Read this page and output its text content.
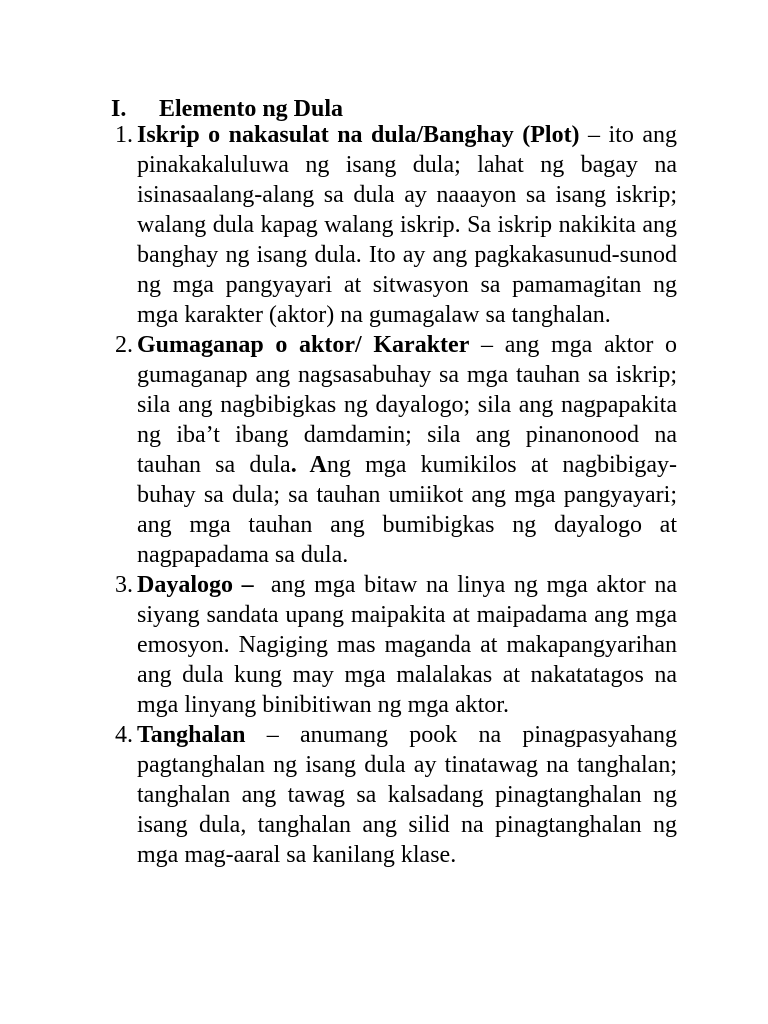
I. Elemento ng Dula
1. Iskrip o nakasulat na dula/Banghay (Plot) – ito ang pinakakaluluwa ng isang dula; lahat ng bagay na isinasaalang-alang sa dula ay naaayon sa isang iskrip; walang dula kapag walang iskrip. Sa iskrip nakikita ang banghay ng isang dula. Ito ay ang pagkakasunud-sunod ng mga pangyayari at sitwasyon sa pamamagitan ng mga karakter (aktor) na gumagalaw sa tanghalan.
2. Gumaganap o aktor/ Karakter – ang mga aktor o gumaganap ang nagsasabuhay sa mga tauhan sa iskrip; sila ang nagbibigkas ng dayalogo; sila ang nagpapakita ng iba’t ibang damdamin; sila ang pinanonood na tauhan sa dula. Ang mga kumikilos at nagbibigay-buhay sa dula; sa tauhan umiikot ang mga pangyayari; ang mga tauhan ang bumibigkas ng dayalogo at nagpapadama sa dula.
3. Dayalogo –  ang mga bitaw na linya ng mga aktor na siyang sandata upang maipakita at maipadama ang mga emosyon. Nagiging mas maganda at makapangyarihan ang dula kung may mga malalakas at nakatatagos na mga linyang binibitiwan ng mga aktor.
4. Tanghalan – anumang pook na pinagpasyahang pagtanghalan ng isang dula ay tinatawag na tanghalan; tanghalan ang tawag sa kalsadang pinagtanghalan ng isang dula, tanghalan ang silid na pinagtanghalan ng mga mag-aaral sa kanilang klase.
